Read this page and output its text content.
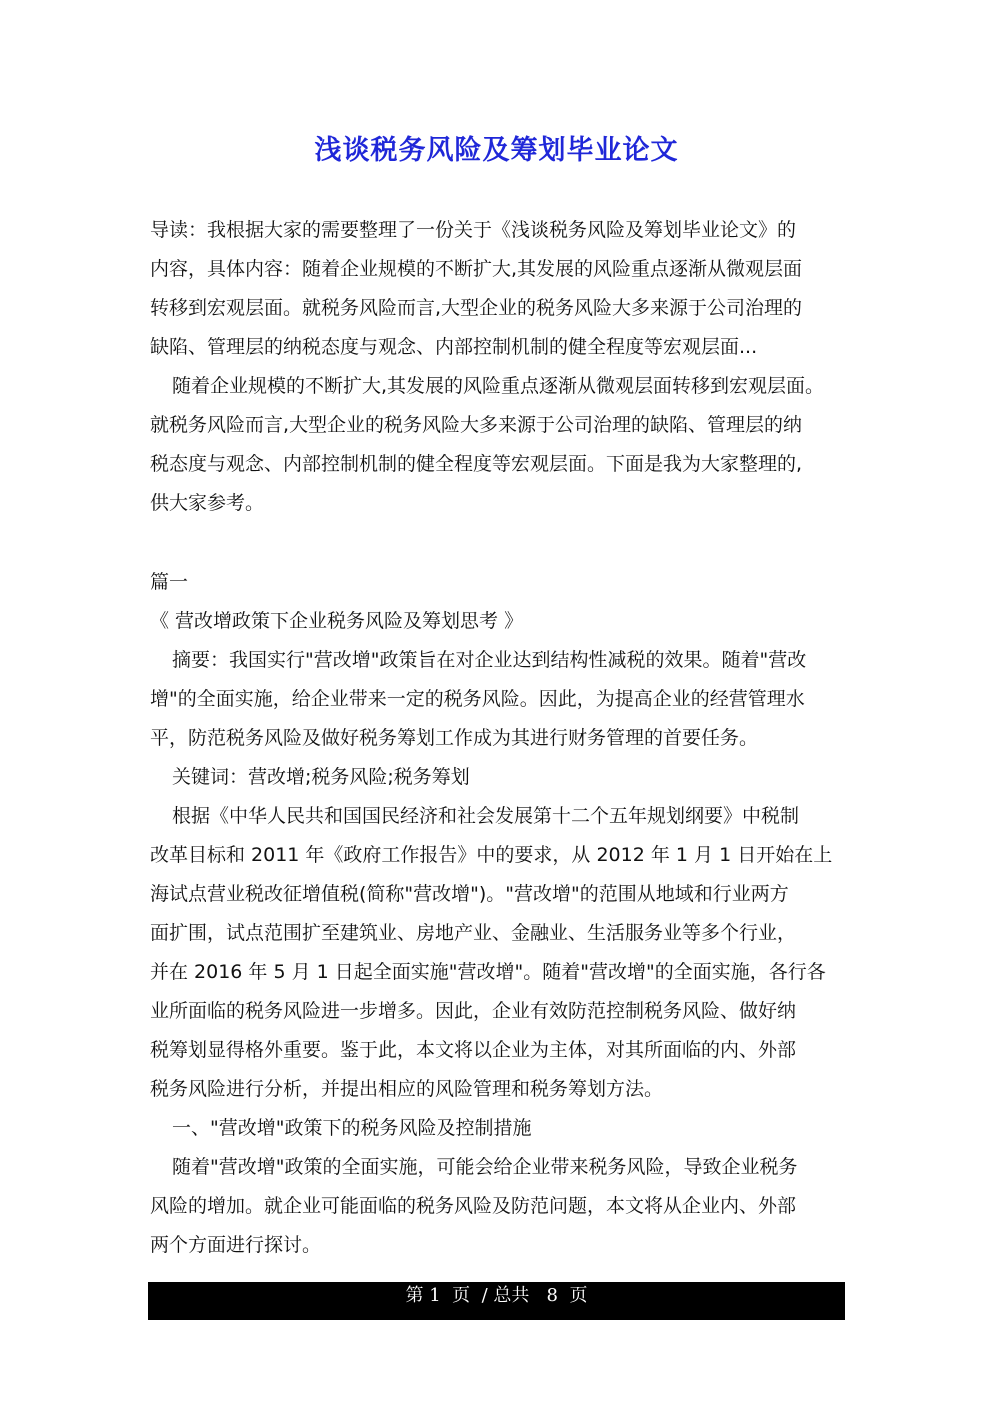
浅谈税务风险及筹划毕业论文
导读：我根据大家的需要整理了一份关于《浅谈税务风险及筹划毕业论文》的
内容，具体内容：随着企业规模的不断扩大,其发展的风险重点逐渐从微观层面
转移到宏观层面。就税务风险而言,大型企业的税务风险大多来源于公司治理的
缺陷、管理层的纳税态度与观念、内部控制机制的健全程度等宏观层面...
随着企业规模的不断扩大,其发展的风险重点逐渐从微观层面转移到宏观层面。
就税务风险而言,大型企业的税务风险大多来源于公司治理的缺陷、管理层的纳
税态度与观念、内部控制机制的健全程度等宏观层面。下面是我为大家整理的,
供大家参考。
篇一
《 营改增政策下企业税务风险及筹划思考 》
摘要：我国实行"营改增"政策旨在对企业达到结构性减税的效果。随着"营改
增"的全面实施，给企业带来一定的税务风险。因此，为提高企业的经营管理水
平，防范税务风险及做好税务筹划工作成为其进行财务管理的首要任务。
关键词：营改增;税务风险;税务筹划
根据《中华人民共和国国民经济和社会发展第十二个五年规划纲要》中税制
改革目标和 2011 年《政府工作报告》中的要求，从 2012 年 1 月 1 日开始在上
海试点营业税改征增值税(简称"营改增")。"营改增"的范围从地域和行业两方
面扩围，试点范围扩至建筑业、房地产业、金融业、生活服务业等多个行业，
并在 2016 年 5 月 1 日起全面实施"营改增"。随着"营改增"的全面实施，各行各
业所面临的税务风险进一步增多。因此，企业有效防范控制税务风险、做好纳
税筹划显得格外重要。鉴于此，本文将以企业为主体，对其所面临的内、外部
税务风险进行分析，并提出相应的风险管理和税务筹划方法。
一、"营改增"政策下的税务风险及控制措施
随着"营改增"政策的全面实施，可能会给企业带来税务风险，导致企业税务
风险的增加。就企业可能面临的税务风险及防范问题，本文将从企业内、外部
两个方面进行探讨。
第 1  页  / 总共   8  页
